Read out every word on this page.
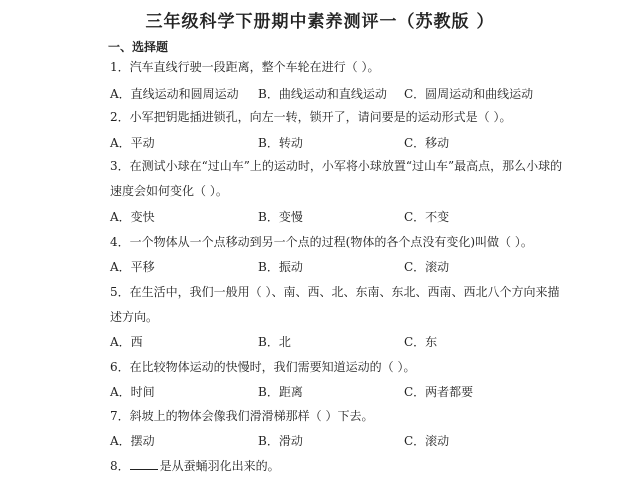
三年级科学下册期中素养测评一（苏教版 ）
一、选择题
1．汽车直线行驶一段距离，整个车轮在进行（ ）。
A．直线运动和圆周运动 B．曲线运动和直线运动 C．圆周运动和曲线运动
2．小军把钥匙插进锁孔，向左一转，锁开了，请问要是的运动形式是（ ）。
A．平动	B．转动	C．移动
3．在测试小球在“过山车”上的运动时，小军将小球放置“过山车”最高点，那么小球的
速度会如何变化（ ）。
A．变快	B．变慢	C．不变
4．一个物体从一个点移动到另一个点的过程(物体的各个点没有变化)叫做（ ）。
A．平移	B．振动	C．滚动
5．在生活中，我们一般用（ ）、南、西、北、东南、东北、西南、西北八个方向来描
述方向。
A．西	B．北	C．东
6．在比较物体运动的快慢时，我们需要知道运动的（ ）。
A．时间	B．距离	C．两者都要
7．斜坡上的物体会像我们滑滑梯那样（ ）下去。
A．摆动	B．滑动	C．滚动
8．	是从蚕蛹羽化出来的。
